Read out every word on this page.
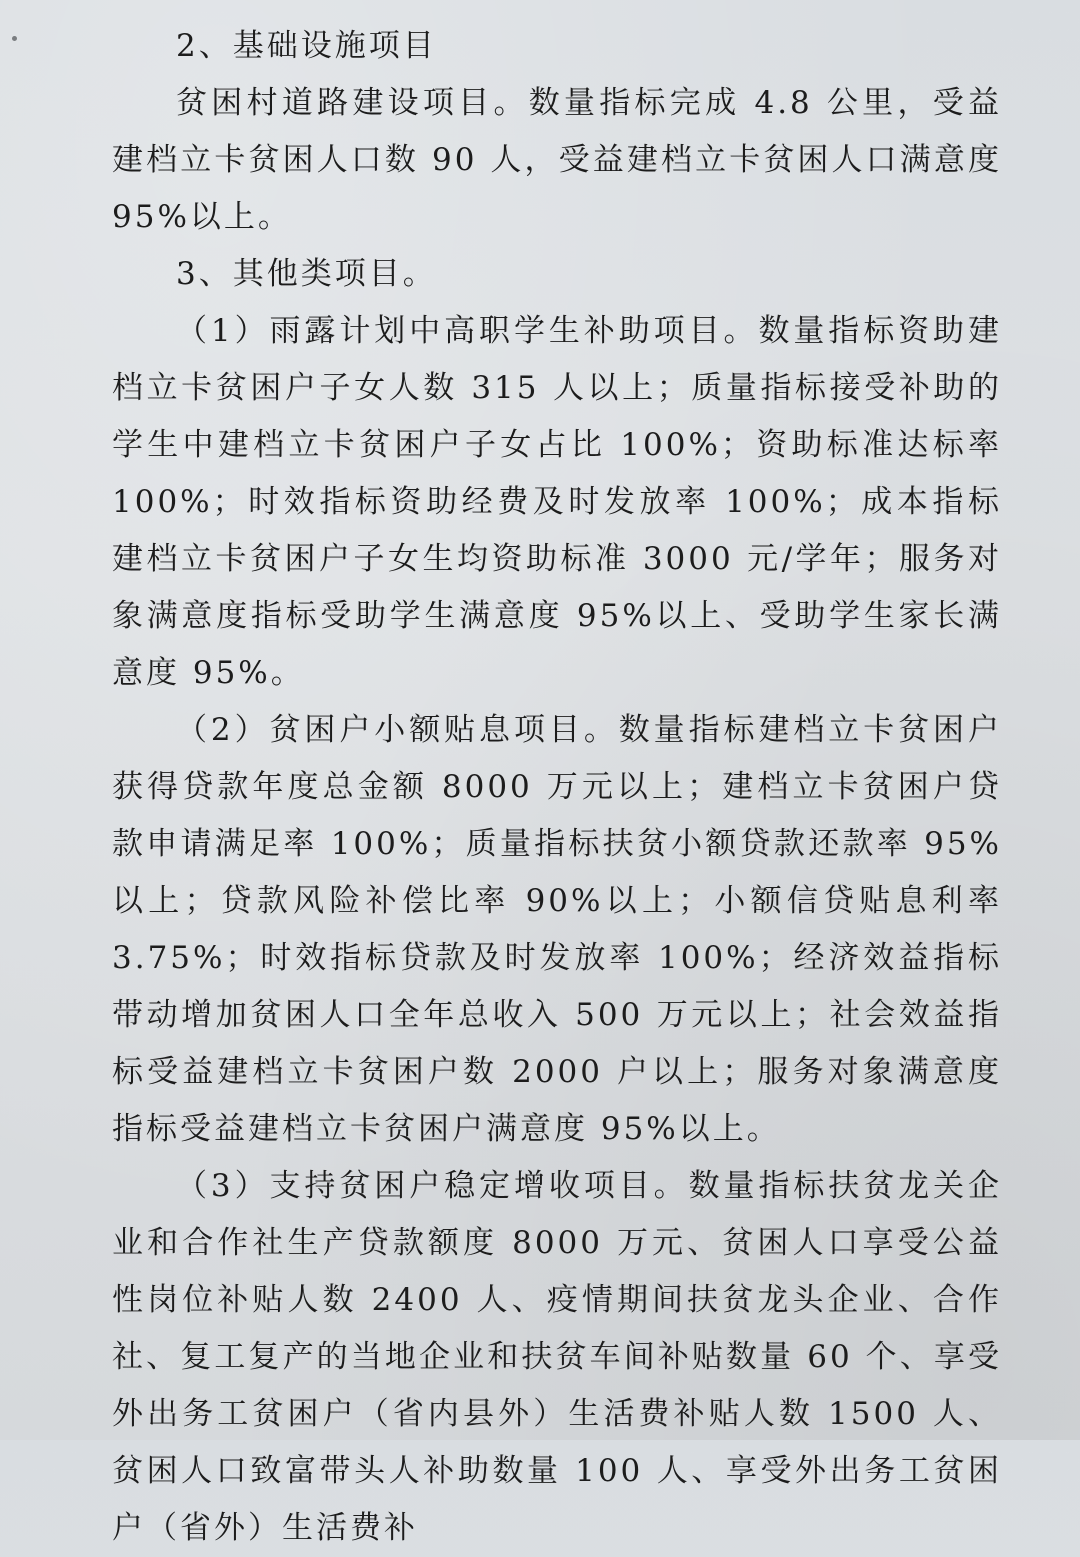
2、基础设施项目

贫困村道路建设项目。数量指标完成 4.8 公里，受益建档立卡贫困人口数 90 人，受益建档立卡贫困人口满意度 95%以上。

3、其他类项目。

（1）雨露计划中高职学生补助项目。数量指标资助建档立卡贫困户子女人数 315 人以上；质量指标接受补助的学生中建档立卡贫困户子女占比 100%；资助标准达标率 100%；时效指标资助经费及时发放率 100%；成本指标建档立卡贫困户子女生均资助标准 3000 元/学年；服务对象满意度指标受助学生满意度 95%以上、受助学生家长满意度 95%。

（2）贫困户小额贴息项目。数量指标建档立卡贫困户获得贷款年度总金额 8000 万元以上；建档立卡贫困户贷款申请满足率 100%；质量指标扶贫小额贷款还款率 95%以上；贷款风险补偿比率 90%以上；小额信贷贴息利率 3.75%；时效指标贷款及时发放率 100%；经济效益指标带动增加贫困人口全年总收入 500 万元以上；社会效益指标受益建档立卡贫困户数 2000 户以上；服务对象满意度指标受益建档立卡贫困户满意度 95%以上。

（3）支持贫困户稳定增收项目。数量指标扶贫龙关企业和合作社生产贷款额度 8000 万元、贫困人口享受公益性岗位补贴人数 2400 人、疫情期间扶贫龙头企业、合作社、复工复产的当地企业和扶贫车间补贴数量 60 个、享受外出务工贫困户（省内县外）生活费补贴人数 1500 人、贫困人口致富带头人补助数量 100 人、享受外出务工贫困户（省外）生活费补
